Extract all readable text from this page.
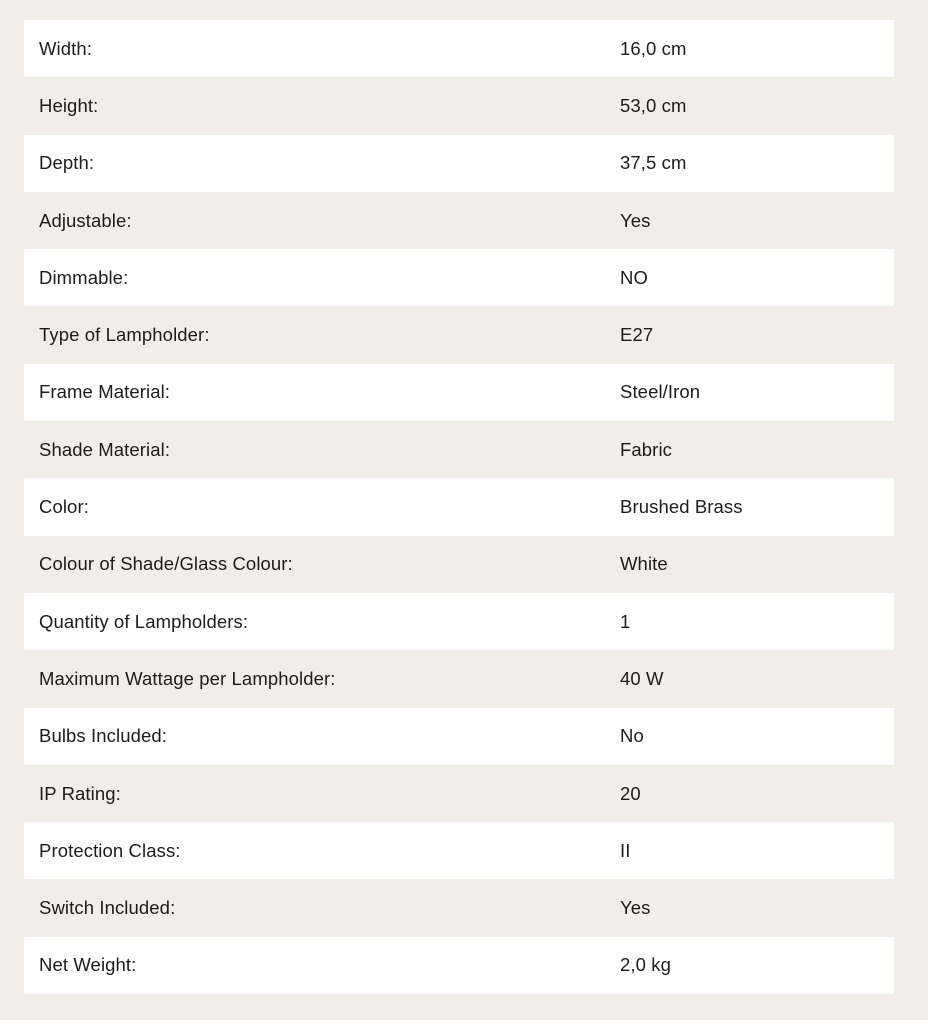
Width:	16,0 cm
Height:	53,0 cm
Depth:	37,5 cm
Adjustable:	Yes
Dimmable:	NO
Type of Lampholder:	E27
Frame Material:	Steel/Iron
Shade Material:	Fabric
Color:	Brushed Brass
Colour of Shade/Glass Colour:	White
Quantity of Lampholders:	1
Maximum Wattage per Lampholder:	40 W
Bulbs Included:	No
IP Rating:	20
Protection Class:	II
Switch Included:	Yes
Net Weight:	2,0 kg
